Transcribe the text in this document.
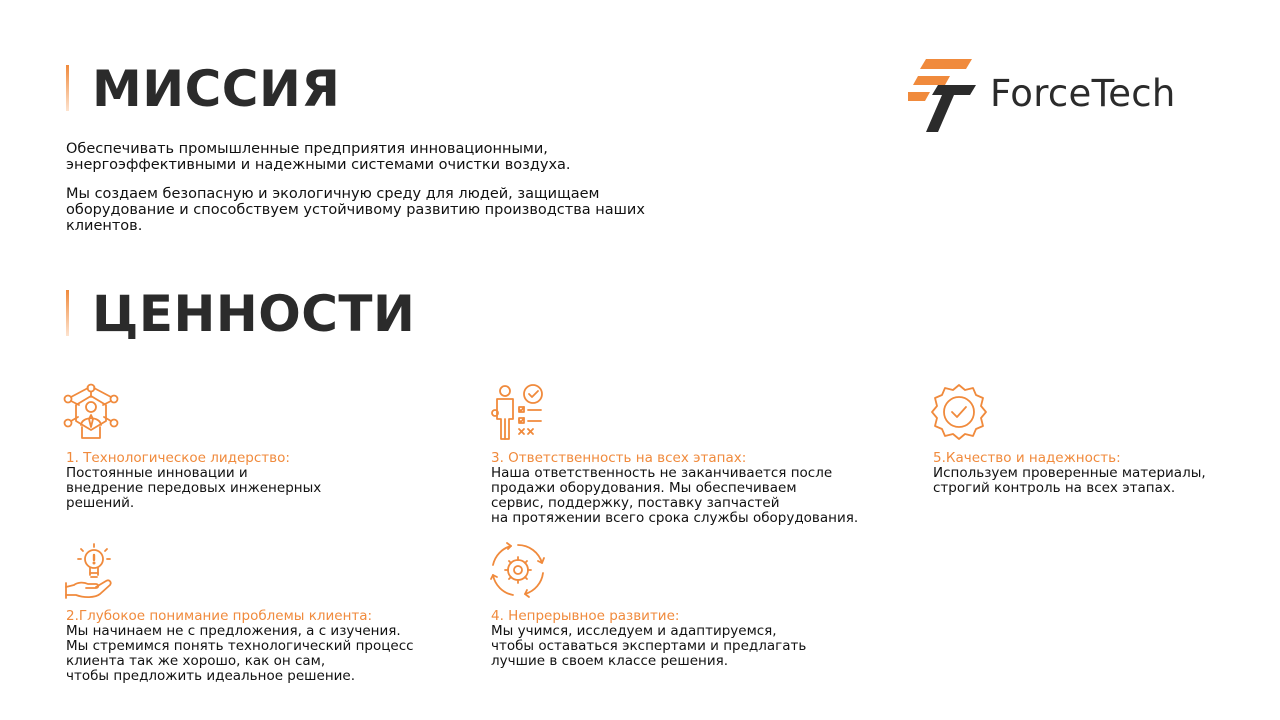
ForceTech
МИССИЯ

Обеспечивать промышленные предприятия инновационными,
энергоэффективными и надежными системами очистки воздуха.

Мы создаем безопасную и экологичную среду для людей, защищаем
оборудование и способствуем устойчивому развитию производства наших
клиентов.

ЦЕННОСТИ

1. Технологическое лидерство:

Постоянные инновации и
внедрение передовых инженерных
решений.

2.Глубокое понимание проблемы клиента:

Мы начинаем не с предложения, а с изучения.
Мы стремимся понять технологический процесс
клиента так же хорошо, как он сам,
чтобы предложить идеальное решение.

3. Ответственность на всех этапах:

Наша ответственность не заканчивается после
продажи оборудования. Мы обеспечиваем
сервис, поддержку, поставку запчастей
на протяжении всего срока службы оборудования.

4. Непрерывное развитие:

Мы учимся, исследуем и адаптируемся,
чтобы оставаться экспертами и предлагать
лучшие в своем классе решения.

5.Качество и надежность:

Используем проверенные материалы,
строгий контроль на всех этапах.
